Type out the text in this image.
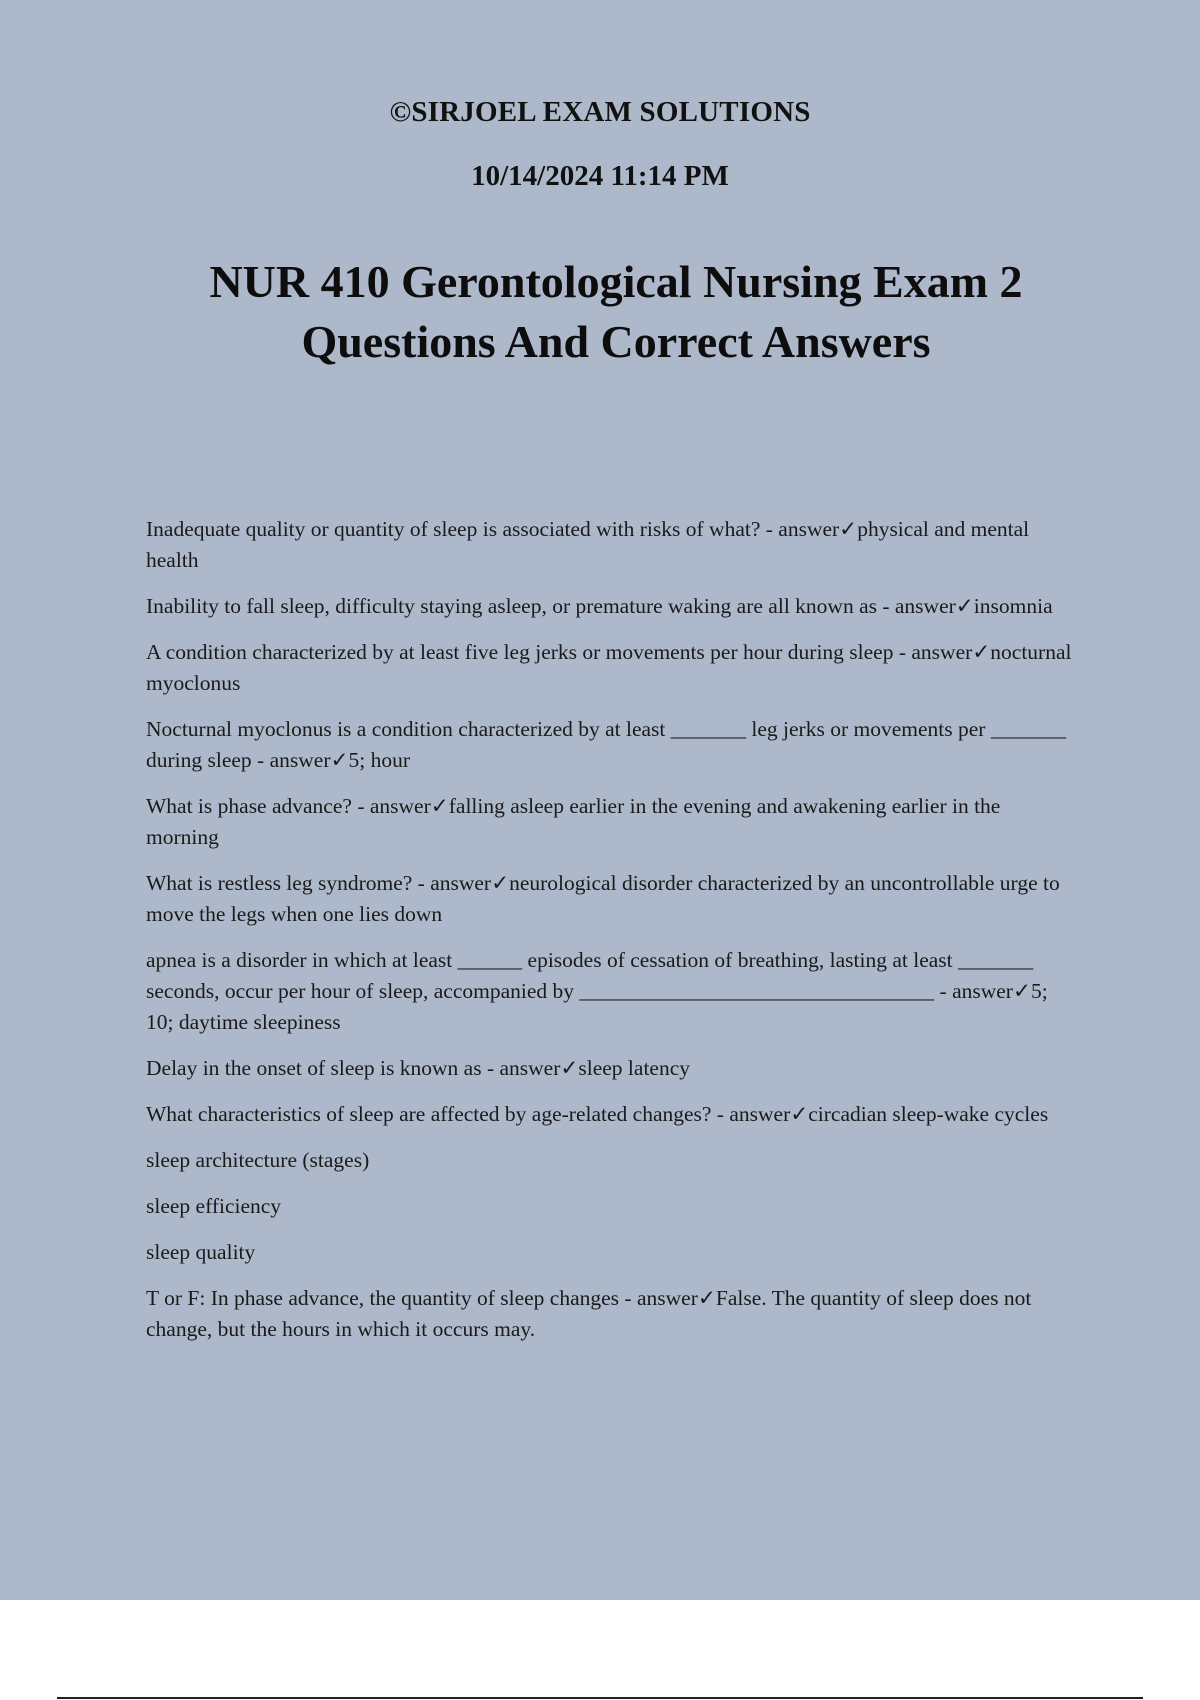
©SIRJOEL EXAM SOLUTIONS
10/14/2024 11:14 PM
NUR 410 Gerontological Nursing Exam 2
Questions And Correct Answers

Inadequate quality or quantity of sleep is associated with risks of what? - answer✓physical and mental health

Inability to fall sleep, difficulty staying asleep, or premature waking are all known as - answer✓insomnia

A condition characterized by at least five leg jerks or movements per hour during sleep - answer✓nocturnal myoclonus

Nocturnal myoclonus is a condition characterized by at least _______ leg jerks or movements per _______ during sleep - answer✓5; hour

What is phase advance? - answer✓falling asleep earlier in the evening and awakening earlier in the morning

What is restless leg syndrome? - answer✓neurological disorder characterized by an uncontrollable urge to move the legs when one lies down

apnea is a disorder in which at least ______ episodes of cessation of breathing, lasting at least _______ seconds, occur per hour of sleep, accompanied by _________________________________ - answer✓5; 10; daytime sleepiness

Delay in the onset of sleep is known as - answer✓sleep latency

What characteristics of sleep are affected by age-related changes? - answer✓circadian sleep-wake cycles

sleep architecture (stages)

sleep efficiency

sleep quality

T or F: In phase advance, the quantity of sleep changes - answer✓False. The quantity of sleep does not change, but the hours in which it occurs may.
